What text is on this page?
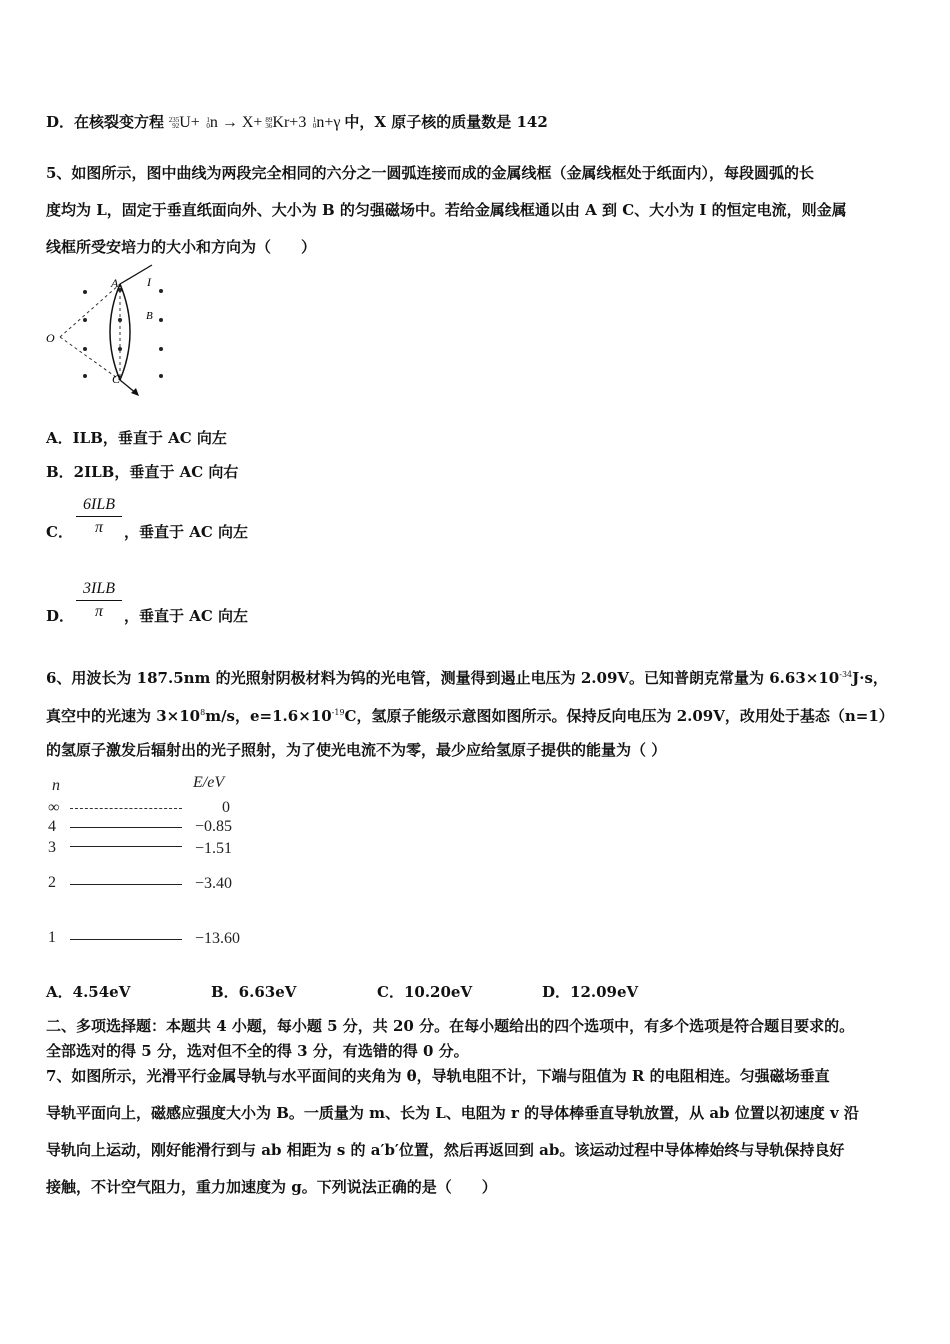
D．在核裂变方程 235
92 U+ 1
0 n → X+ 89
36 Kr+3 1
0 n+γ 中，X 原子核的质量数是 142
5、如图所示，图中曲线为两段完全相同的六分之一圆弧连接而成的金属线框（金属线框处于纸面内），每段圆弧的长
度均为 L，固定于垂直纸面向外、大小为 B 的匀强磁场中。若给金属线框通以由 A 到 C、大小为 I 的恒定电流，则金属
线框所受安培力的大小和方向为（　　）
A I
B
O
C
A．ILB，垂直于 AC 向左
B．2ILB，垂直于 AC 向右
C．
6ILB
π	，垂直于 AC 向左
D．
3ILB
π	，垂直于 AC 向左
6、用波长为 187.5nm 的光照射阴极材料为钨的光电管，测量得到遏止电压为 2.09V。已知普朗克常量为 $6.63\times 10^{-34}J\cdot s$，
真空中的光速为 $3\times 10^8m/s$，$e=1.6\times 10^{-19}C$，氢原子能级示意图如图所示。保持反向电压为 2.09V，改用处于基态（n=1）
的氢原子激发后辐射出的光子照射，为了使光电流不为零，最少应给氢原子提供的能量为（ ）
n	E/eV
∞	0
4	−0.85
3	−1.51
2	−3.40
1	−13.60
A．4.54eV	B．6.63eV	C．10.20eV	D．12.09eV
二、多项选择题：本题共 4 小题，每小题 5 分，共 20 分。在每小题给出的四个选项中，有多个选项是符合题目要求的。
全部选对的得 5 分，选对但不全的得 3 分，有选错的得 0 分。
7、如图所示，光滑平行金属导轨与水平面间的夹角为 θ，导轨电阻不计，下端与阻值为 R 的电阻相连。匀强磁场垂直
导轨平面向上，磁感应强度大小为 B。一质量为 m、长为 L、电阻为 r 的导体棒垂直导轨放置，从 ab 位置以初速度 v 沿
导轨向上运动，刚好能滑行到与 ab 相距为 s 的 a′b′位置，然后再返回到 ab。该运动过程中导体棒始终与导轨保持良好
接触，不计空气阻力，重力加速度为 g。下列说法正确的是（　　）
